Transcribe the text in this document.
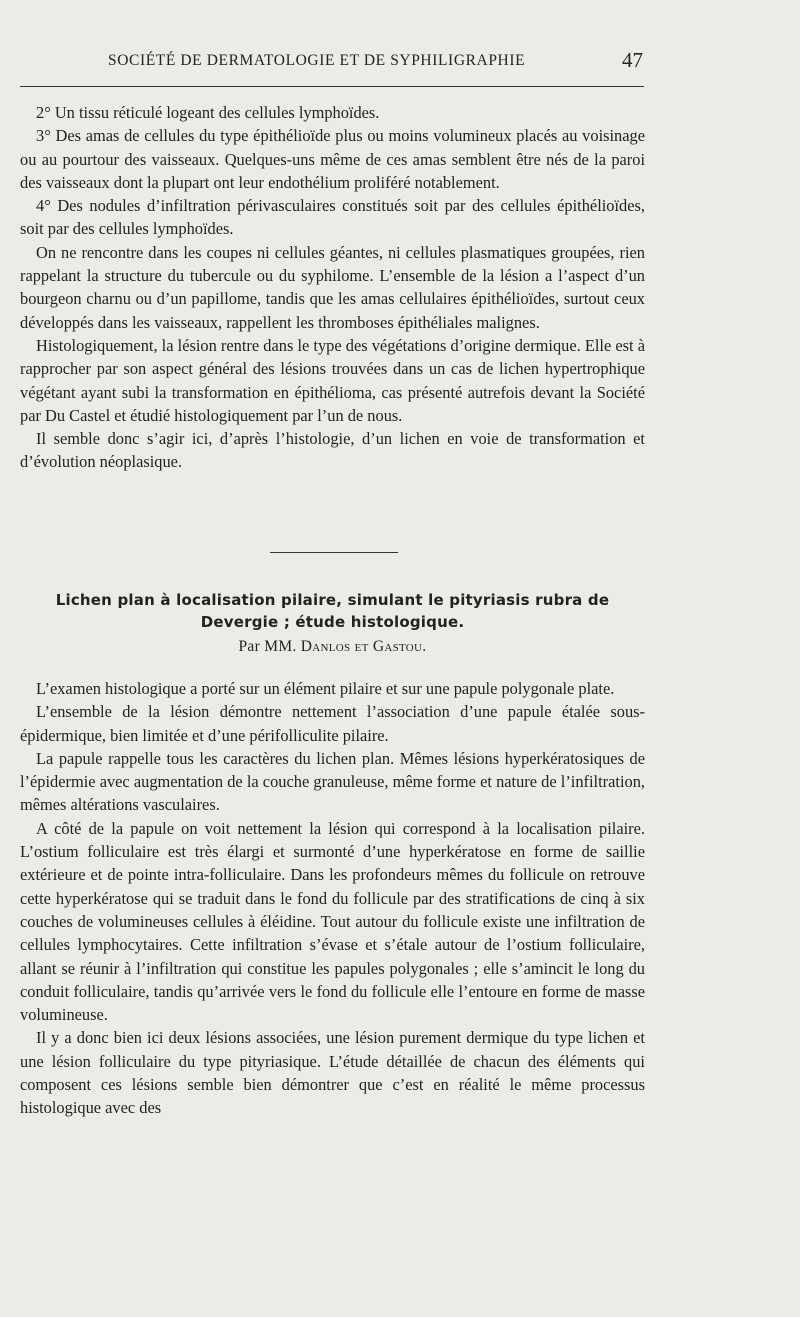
SOCIÉTÉ DE DERMATOLOGIE ET DE SYPHILIGRAPHIE	47

2° Un tissu réticulé logeant des cellules lymphoïdes.

3° Des amas de cellules du type épithélioïde plus ou moins volumineux placés au voisinage ou au pourtour des vaisseaux. Quelques-uns même de ces amas semblent être nés de la paroi des vaisseaux dont la plupart ont leur endothélium proliféré notablement.

4° Des nodules d’infiltration périvasculaires constitués soit par des cellules épithélioïdes, soit par des cellules lymphoïdes.

On ne rencontre dans les coupes ni cellules géantes, ni cellules plasmatiques groupées, rien rappelant la structure du tubercule ou du syphilome. L’ensemble de la lésion a l’aspect d’un bourgeon charnu ou d’un papillome, tandis que les amas cellulaires épithélioïdes, surtout ceux développés dans les vaisseaux, rappellent les thromboses épithéliales malignes.

Histologiquement, la lésion rentre dans le type des végétations d’origine dermique. Elle est à rapprocher par son aspect général des lésions trouvées dans un cas de lichen hypertrophique végétant ayant subi la transformation en épithélioma, cas présenté autrefois devant la Société par Du Castel et étudié histologiquement par l’un de nous.

Il semble donc s’agir ici, d’après l’histologie, d’un lichen en voie de transformation et d’évolution néoplasique.

Lichen plan à localisation pilaire, simulant le pityriasis rubra de Devergie ; étude histologique.
Par MM. Danlos et Gastou.

L’examen histologique a porté sur un élément pilaire et sur une papule polygonale plate.

L’ensemble de la lésion démontre nettement l’association d’une papule étalée sous-épidermique, bien limitée et d’une périfolliculite pilaire.

La papule rappelle tous les caractères du lichen plan. Mêmes lésions hyperkératosiques de l’épidermie avec augmentation de la couche granuleuse, même forme et nature de l’infiltration, mêmes altérations vasculaires.

A côté de la papule on voit nettement la lésion qui correspond à la localisation pilaire. L’ostium folliculaire est très élargi et surmonté d’une hyperkératose en forme de saillie extérieure et de pointe intra-folliculaire. Dans les profondeurs mêmes du follicule on retrouve cette hyperkératose qui se traduit dans le fond du follicule par des stratifications de cinq à six couches de volumineuses cellules à éléidine. Tout autour du follicule existe une infiltration de cellules lymphocytaires. Cette infiltration s’évase et s’étale autour de l’ostium folliculaire, allant se réunir à l’infiltration qui constitue les papules polygonales ; elle s’amincit le long du conduit folliculaire, tandis qu’arrivée vers le fond du follicule elle l’entoure en forme de masse volumineuse.

Il y a donc bien ici deux lésions associées, une lésion purement dermique du type lichen et une lésion folliculaire du type pityriasique. L’étude détaillée de chacun des éléments qui composent ces lésions semble bien démontrer que c’est en réalité le même processus histologique avec des
